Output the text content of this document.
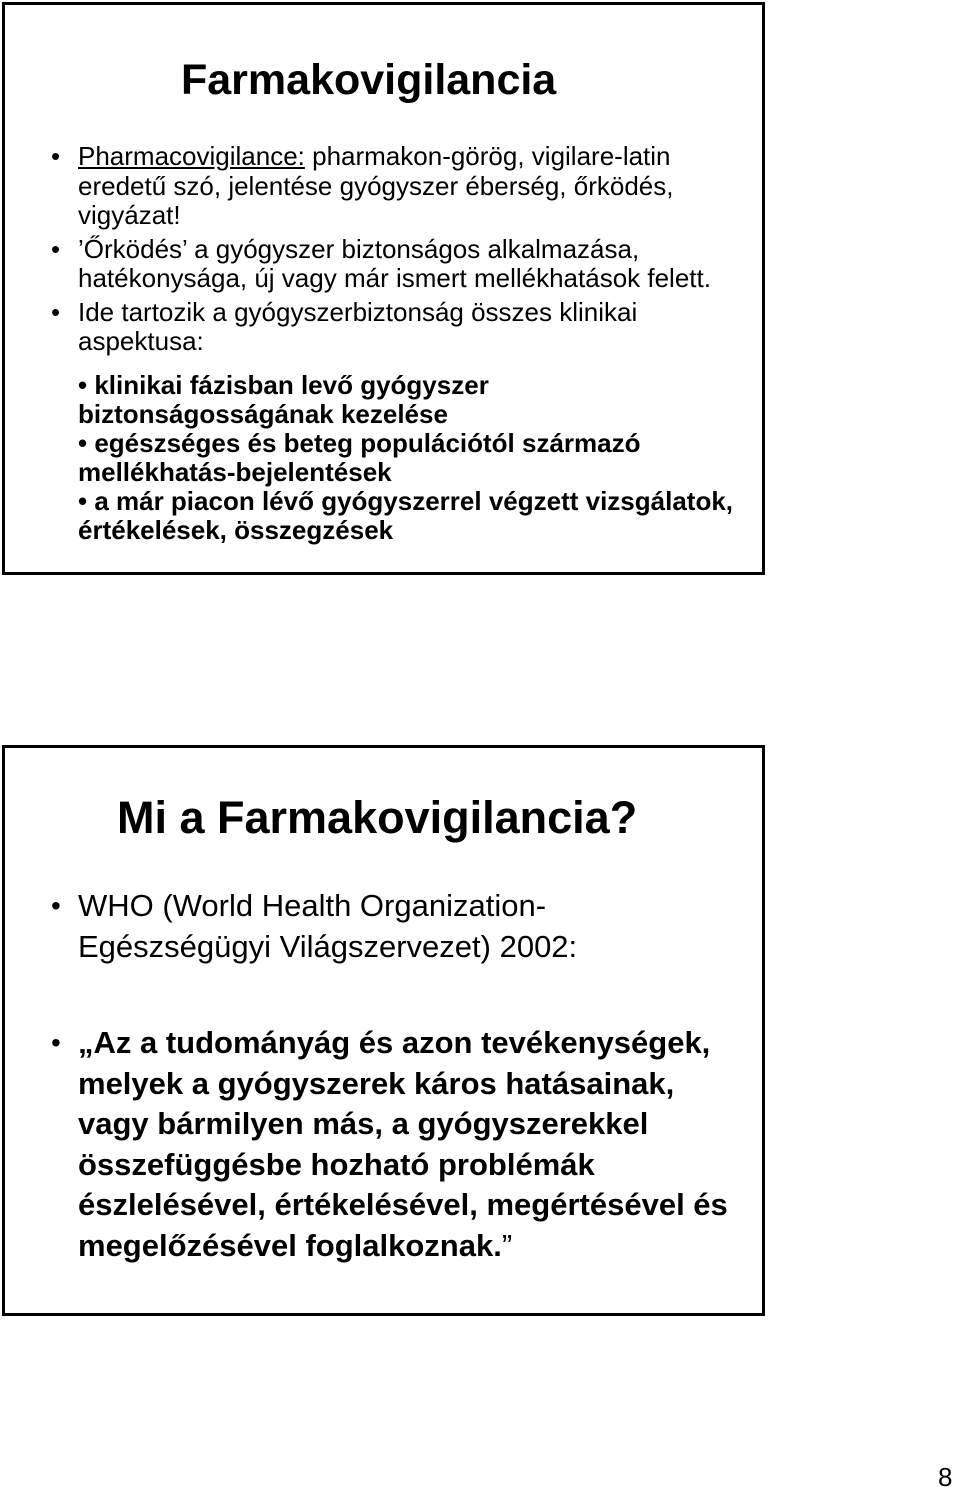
Farmakovigilancia
• Pharmacovigilance: pharmakon-görög, vigilare-latin eredetű szó, jelentése gyógyszer éberség, őrködés, vigyázat!
• ’Őrködés’ a gyógyszer biztonságos alkalmazása, hatékonysága, új vagy már ismert mellékhatások felett.
• Ide tartozik a gyógyszerbiztonság összes klinikai aspektusa:
• klinikai fázisban levő gyógyszer biztonságosságának kezelése
• egészséges és beteg populációtól származó mellékhatás-bejelentések
• a már piacon lévő gyógyszerrel végzett vizsgálatok, értékelések, összegzések
Mi a Farmakovigilancia?
• WHO (World Health Organization- Egészségügyi Világszervezet) 2002:
• „Az a tudományág és azon tevékenységek, melyek a gyógyszerek káros hatásainak, vagy bármilyen más, a gyógyszerekkel összefüggésbe hozható problémák észlelésével, értékelésével, megértésével és megelőzésével foglalkoznak.”
8
